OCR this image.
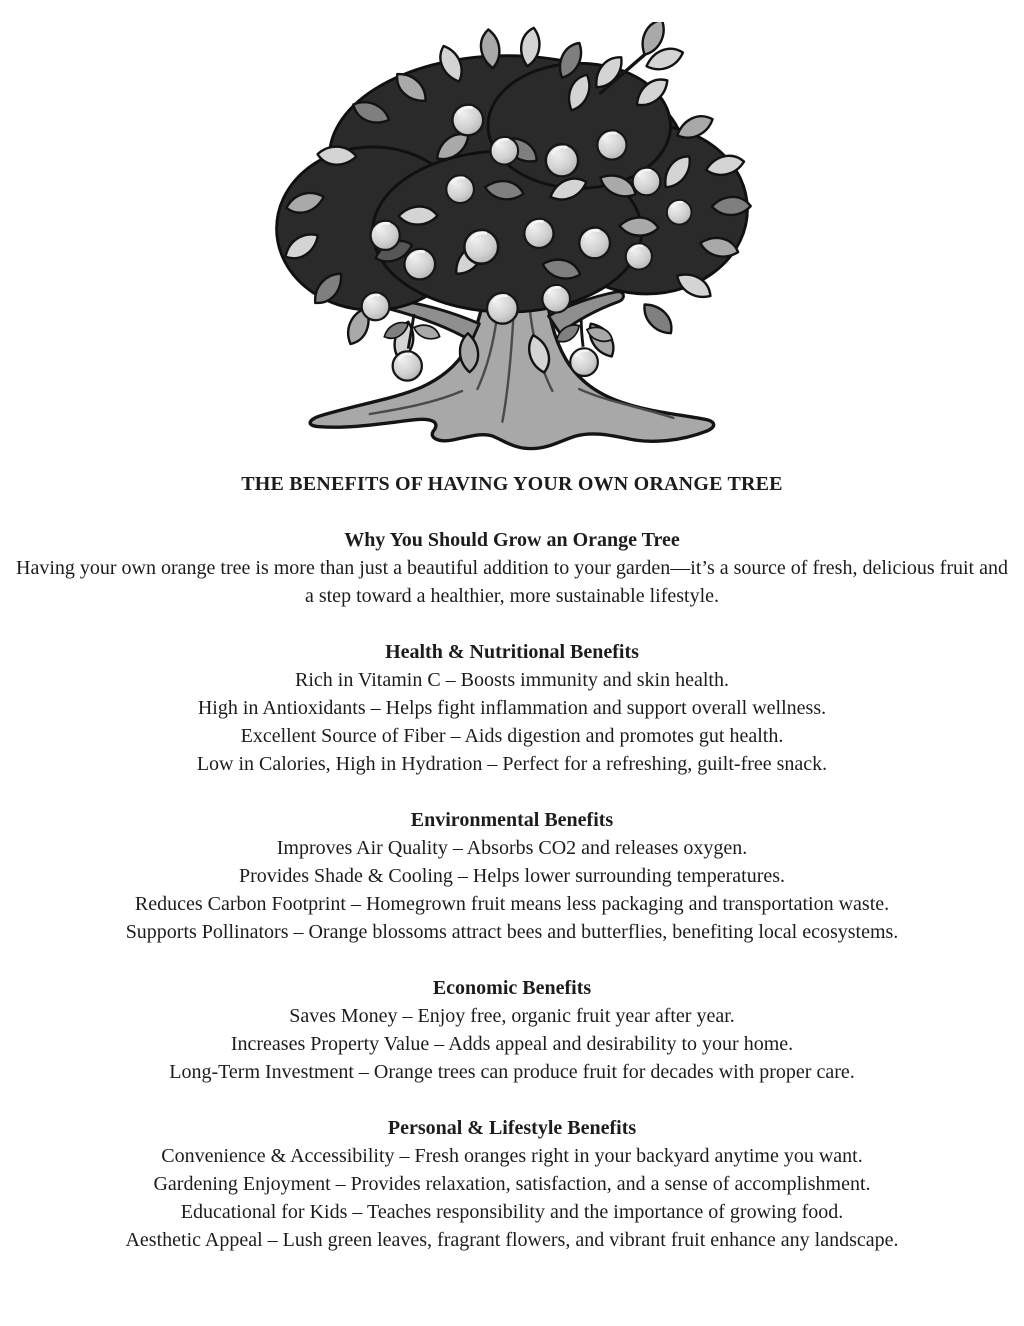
THE BENEFITS OF HAVING YOUR OWN ORANGE TREE
Why You Should Grow an Orange Tree

Having your own orange tree is more than just a beautiful addition to your garden—it’s a source of fresh, delicious fruit and a step toward a healthier, more sustainable lifestyle.

Health & Nutritional Benefits

Rich in Vitamin C – Boosts immunity and skin health.

High in Antioxidants – Helps fight inflammation and support overall wellness.

Excellent Source of Fiber – Aids digestion and promotes gut health.

Low in Calories, High in Hydration – Perfect for a refreshing, guilt-free snack.

Environmental Benefits

Improves Air Quality – Absorbs CO2 and releases oxygen.

Provides Shade & Cooling – Helps lower surrounding temperatures.

Reduces Carbon Footprint – Homegrown fruit means less packaging and transportation waste.

Supports Pollinators – Orange blossoms attract bees and butterflies, benefiting local ecosystems.

Economic Benefits

Saves Money – Enjoy free, organic fruit year after year.

Increases Property Value – Adds appeal and desirability to your home.

Long-Term Investment – Orange trees can produce fruit for decades with proper care.

Personal & Lifestyle Benefits

Convenience & Accessibility – Fresh oranges right in your backyard anytime you want.

Gardening Enjoyment – Provides relaxation, satisfaction, and a sense of accomplishment.

Educational for Kids – Teaches responsibility and the importance of growing food.

Aesthetic Appeal – Lush green leaves, fragrant flowers, and vibrant fruit enhance any landscape.
